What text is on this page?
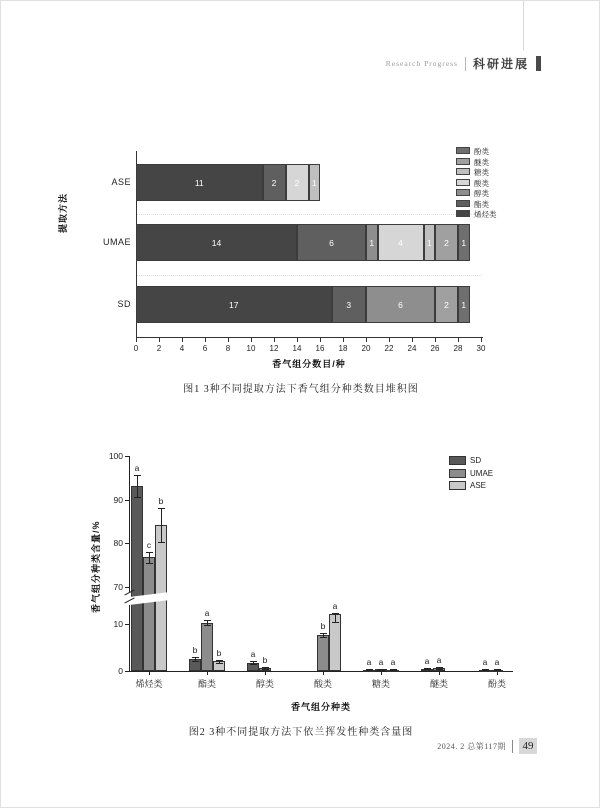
Research Progress 科研进展
ASE	11	2	2	1
UMAE	14	6	1	4	1	2	1
SD	17	3	6	2	1
0	2	4	6	8	10	12	14	16	18	20	22	24	26	28	30
酚类
醚类
糖类
酸类
醇类
酯类
烯烃类
提取方法
香气组分数目/种
图1 3种不同提取方法下香气组分种类数目堆积图
0
10
70
80
90
100
烯烃类
a
c
b
酯类
b
a
b
醇类
a
b
酸类
b
a
糖类
a a a
醚类
a a
酚类
a a
SD
UMAE
ASE
香气组分种类含量/%
香气组分种类
图2 3种不同提取方法下依兰挥发性种类含量图
2024. 2 总第117期	49
